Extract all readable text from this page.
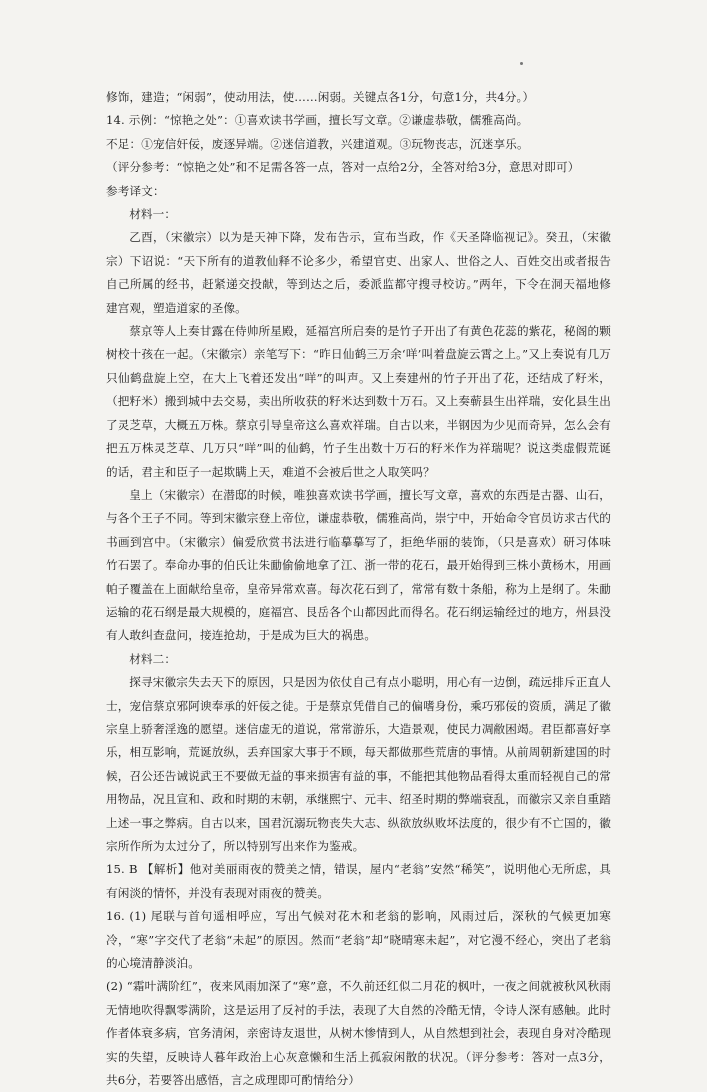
修饰，建造；“闲弱”，使动用法，使……闲弱。关键点各1分，句意1分，共4分。）
14. 示例：“惊艳之处”：①喜欢读书学画，擅长写文章。②谦虚恭敬，儒雅高尚。
不足：①宠信奸佞，废逐异端。②迷信道教，兴建道观。③玩物丧志，沉迷享乐。
（评分参考：“惊艳之处”和不足需各答一点，答对一点给2分，全答对给3分，意思对即可）
参考译文：
材料一：

乙酉，（宋徽宗）以为是天神下降，发布告示，宣布当政，作《天圣降临视记》。癸丑，（宋徽宗）下诏说：“天下所有的道教仙释不论多少，希望官吏、出家人、世俗之人、百姓交出或者报告自己所属的经书，赶紧递交投献，等到达之后，委派监都守搜寻校访。”两年，下令在洞天福地修建宫观，塑造道家的圣像。

蔡京等人上奏甘露在侍帅所星殿，延福宫所启奏的是竹子开出了有黄色花蕊的紫花，秘阁的颗树校十孩在一起。（宋徽宗）亲笔写下：“昨日仙鹤三万余‘咩’叫着盘旋云霄之上。”又上奏说有几万只仙鹤盘旋上空，在大上飞着还发出“咩”的叫声。又上奏建州的竹子开出了花，还结成了籽米，（把籽米）搬到城中去交易，卖出所收获的籽米达到数十万石。又上奏蕲县生出祥瑞，安化县生出了灵芝草，大概五万株。蔡京引导皇帝这么喜欢祥瑞。自古以来，半钢因为少见而奇异，怎么会有把五万株灵芝草、几万只“咩”叫的仙鹤，竹子生出数十万石的籽米作为祥瑞呢？说这类虚假荒诞的话，君主和臣子一起欺瞒上天，难道不会被后世之人取笑吗？

皇上（宋徽宗）在潜邸的时候，唯独喜欢读书学画，擅长写文章，喜欢的东西是古器、山石，与各个王子不同。等到宋徽宗登上帝位，谦虚恭敬，儒雅高尚，崇宁中，开始命令官员访求古代的书画到宫中。（宋徽宗）偏爱欣赏书法进行临摹摹写了，拒绝华丽的装饰，（只是喜欢）研习体味竹石罢了。奉命办事的伯氏让朱勔偷偷地拿了江、浙一带的花石，最开始得到三株小黄杨木，用画帕子覆盖在上面献给皇帝，皇帝异常欢喜。每次花石到了，常常有数十条船，称为上是纲了。朱勔运输的花石纲是最大规模的，庭福宫、艮岳各个山都因此而得名。花石纲运输经过的地方，州县没有人敢纠查盘问，接连抢劫，于是成为巨大的祸患。

材料二：

探寻宋徽宗失去天下的原因，只是因为依仗自己有点小聪明，用心有一边倒，疏远排斥正直人士，宠信蔡京邪阿谀奉承的奸佞之徒。于是蔡京凭借自己的偏嗜身份，乘巧邪佞的资质，满足了徽宗皇上骄奢淫逸的愿望。迷信虚无的道说，常常游乐，大造景观，使民力凋敝困竭。君臣都喜好享乐，相互影响，荒诞放纵，丢弃国家大事于不顾，每天都做那些荒唐的事情。从前周朝新建国的时候，召公还告诫说武王不要做无益的事来损害有益的事，不能把其他物品看得太重而轻视自己的常用物品，况且宣和、政和时期的末朝，承继熙宁、元丰、绍圣时期的弊端衰乱，而徽宗又亲自重踏上述一事之弊病。自古以来，国君沉溺玩物丧失大志、纵欲放纵败坏法度的，很少有不亡国的，徽宗所作所为太过分了，所以特别写出来作为鉴戒。

15. B 【解析】他对美丽雨夜的赞美之情，错误，屋内“老翁”安然“稀笑”，说明他心无所虑，具有闲淡的情怀，并没有表现对雨夜的赞美。

16. (1) 尾联与首句遥相呼应，写出气候对花木和老翁的影响，风雨过后，深秋的气候更加寒冷，“寒”字交代了老翁“未起”的原因。然而“老翁”却“晓晴寒未起”，对它漫不经心，突出了老翁的心境清静淡泊。

(2) “霜叶满阶红”，夜来风雨加深了“寒”意，不久前还红似二月花的枫叶，一夜之间就被秋风秋雨无情地吹得飘零满阶，这是运用了反衬的手法，表现了大自然的冷酷无情，令诗人深有感触。此时作者体衰多病，官务清闲，亲密诗友退世，从树木惨情到人，从自然想到社会，表现自身对冷酷现实的失望，反映诗人暮年政治上心灰意懒和生活上孤寂闲散的状况。（评分参考：答对一点3分，共6分，若要答出感悟，言之成理即可酌情给分）
